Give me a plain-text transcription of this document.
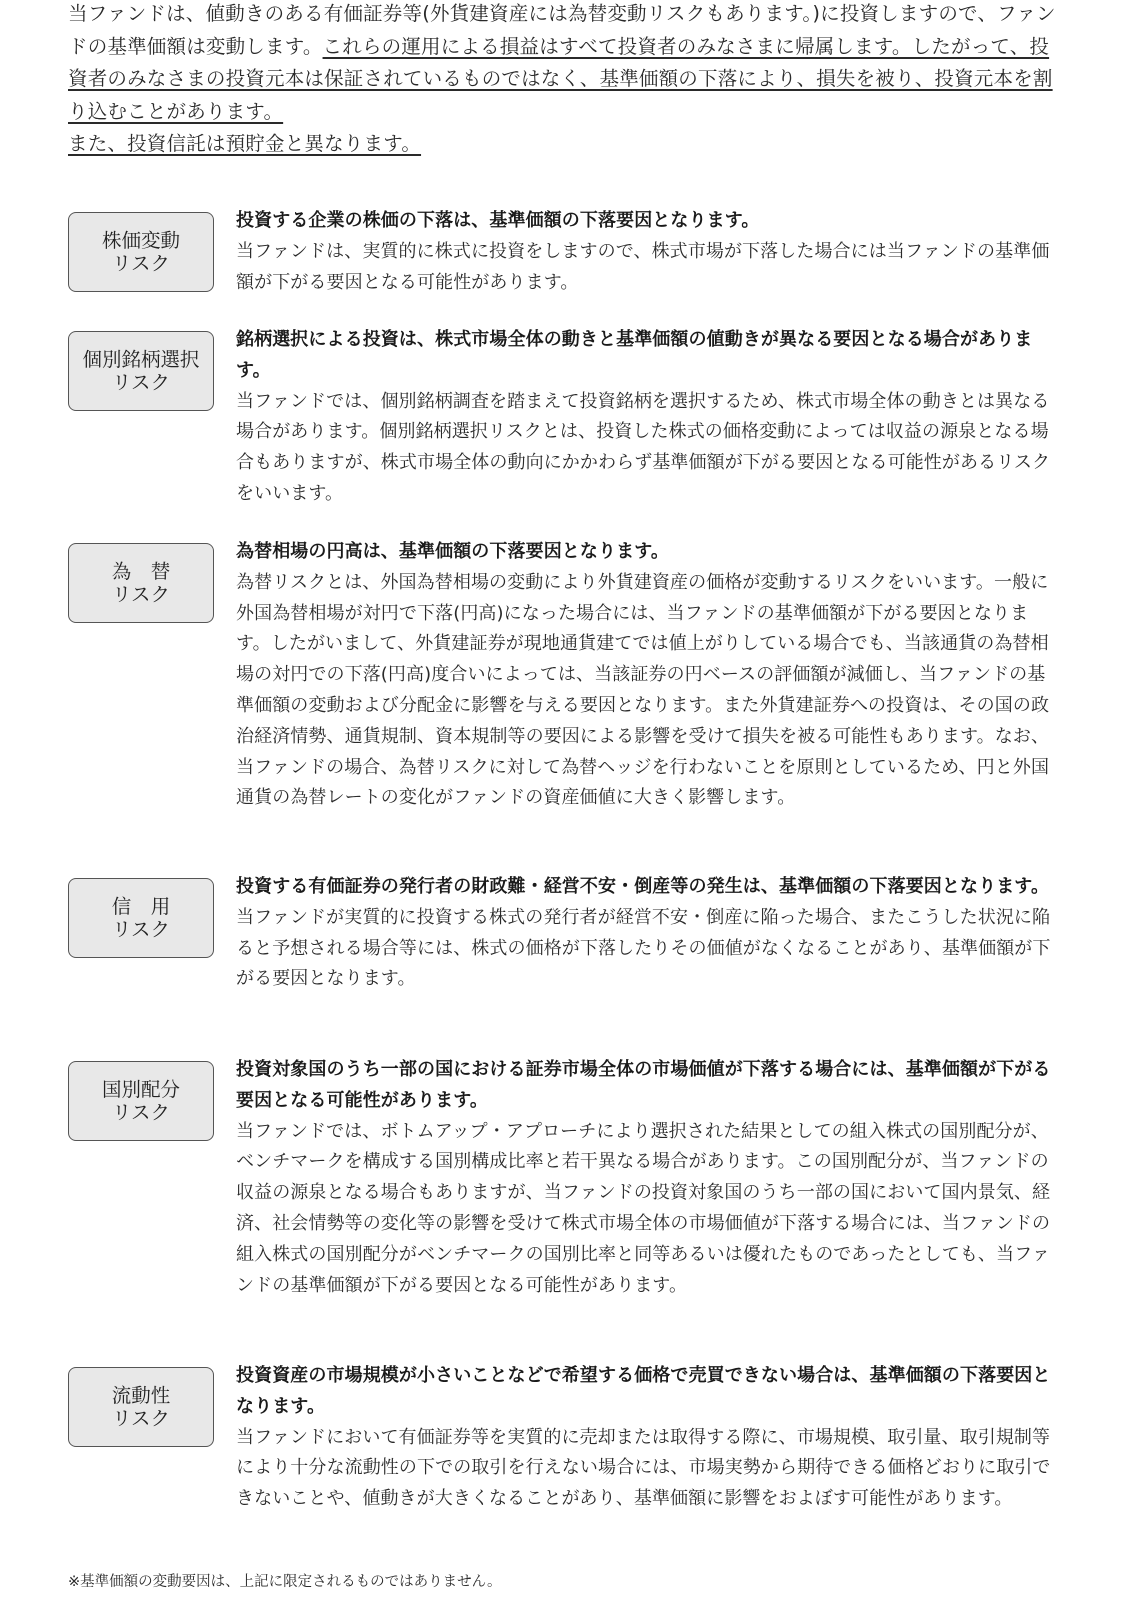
当ファンドは、値動きのある有価証券等(外貨建資産には為替変動リスクもあります。)に投資しますので、ファンドの基準価額は変動します。これらの運用による損益はすべて投資者のみなさまに帰属します。したがって、投資者のみなさまの投資元本は保証されているものではなく、基準価額の下落により、損失を被り、投資元本を割り込むことがあります。
また、投資信託は預貯金と異なります。
株価変動
リスク
投資する企業の株価の下落は、基準価額の下落要因となります。
当ファンドは、実質的に株式に投資をしますので、株式市場が下落した場合には当ファンドの基準価額が下がる要因となる可能性があります。
個別銘柄選択
リスク
銘柄選択による投資は、株式市場全体の動きと基準価額の値動きが異なる要因となる場合があります。
当ファンドでは、個別銘柄調査を踏まえて投資銘柄を選択するため、株式市場全体の動きとは異なる場合があります。個別銘柄選択リスクとは、投資した株式の価格変動によっては収益の源泉となる場合もありますが、株式市場全体の動向にかかわらず基準価額が下がる要因となる可能性があるリスクをいいます。
為　替
リスク
為替相場の円高は、基準価額の下落要因となります。
為替リスクとは、外国為替相場の変動により外貨建資産の価格が変動するリスクをいいます。一般に外国為替相場が対円で下落(円高)になった場合には、当ファンドの基準価額が下がる要因となります。したがいまして、外貨建証券が現地通貨建てでは値上がりしている場合でも、当該通貨の為替相場の対円での下落(円高)度合いによっては、当該証券の円ベースの評価額が減価し、当ファンドの基準価額の変動および分配金に影響を与える要因となります。また外貨建証券への投資は、その国の政治経済情勢、通貨規制、資本規制等の要因による影響を受けて損失を被る可能性もあります。なお、当ファンドの場合、為替リスクに対して為替ヘッジを行わないことを原則としているため、円と外国通貨の為替レートの変化がファンドの資産価値に大きく影響します。
信　用
リスク
投資する有価証券の発行者の財政難・経営不安・倒産等の発生は、基準価額の下落要因となります。
当ファンドが実質的に投資する株式の発行者が経営不安・倒産に陥った場合、またこうした状況に陥ると予想される場合等には、株式の価格が下落したりその価値がなくなることがあり、基準価額が下がる要因となります。
国別配分
リスク
投資対象国のうち一部の国における証券市場全体の市場価値が下落する場合には、基準価額が下がる要因となる可能性があります。
当ファンドでは、ボトムアップ・アプローチにより選択された結果としての組入株式の国別配分が、ベンチマークを構成する国別構成比率と若干異なる場合があります。この国別配分が、当ファンドの収益の源泉となる場合もありますが、当ファンドの投資対象国のうち一部の国において国内景気、経済、社会情勢等の変化等の影響を受けて株式市場全体の市場価値が下落する場合には、当ファンドの組入株式の国別配分がベンチマークの国別比率と同等あるいは優れたものであったとしても、当ファンドの基準価額が下がる要因となる可能性があります。
流動性
リスク
投資資産の市場規模が小さいことなどで希望する価格で売買できない場合は、基準価額の下落要因となります。
当ファンドにおいて有価証券等を実質的に売却または取得する際に、市場規模、取引量、取引規制等により十分な流動性の下での取引を行えない場合には、市場実勢から期待できる価格どおりに取引できないことや、値動きが大きくなることがあり、基準価額に影響をおよぼす可能性があります。
※基準価額の変動要因は、上記に限定されるものではありません。
